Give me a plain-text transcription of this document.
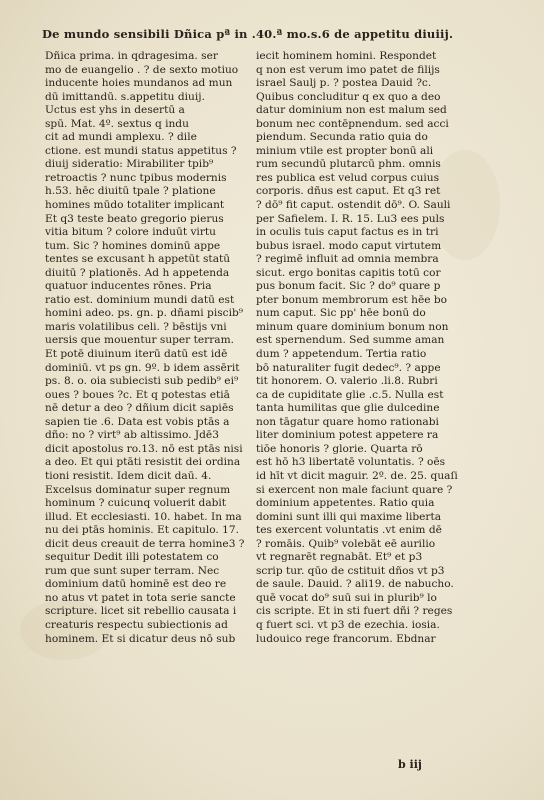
De mundo sensibili Dñica pª in .40.ª mo.s.6 de appetitu diuiij.
Dñica prima. in qdragesima. ser
mo de euangelio . ? de sexto motiuo
inducente hoies mundanos ad mun
dū imittandū. s.appetitu diuij.
Uctus est yhs in desertū a
spū. Mat. 4º. sextus q indu
cit ad mundi amplexu. ? dile
ctione. est mundi status appetitus ?
diuij sideratio: Mirabiliter tpib⁹
retroactis ? nunc tpibus modernis
h.53. hēc diuitū tpale ? platione
homines mūdo totaliter implicant
Et q3 teste beato gregorio pierus
vitia bitum ? colore induūt virtu
tum. Sic ? homines dominū appe
tentes se excusant h appetūt statū
diuitū ? plationēs. Ad h appetenda
quatuor inducentes rōnes. Pria
ratio est. dominium mundi datū est
homini adeo. ps. gn. p. dñami piscib⁹
maris volatilibus celi. ? bēstijs vni
uersis que mouentur super terram.
Et potē diuinum iterū datū est idē
dominiū. vt ps gn. 9º. b idem assērit
ps. 8. o. oia subiecisti sub pedib⁹ ei⁹
oues ? boues ?c. Et q potestas etiā
nē detur a deo ? dñium dicit sapiēs
sapien tie .6. Data est vobis ptās a
dño: no ? virt⁹ ab altissimo. Jdē3
dicit apostolus ro.13. nō est ptās nisi
a deo. Et qui ptāti resistit dei ordina
tioni resistit. Idem dicit daū. 4.
Excelsus dominatur super regnum
hominum ? cuicunq voluerit dabit
illud. Et ecclesiasti. 10. habet. In ma
nu dei ptās hominis. Et capitulo. 17.
dicit deus creauit de terra homine3 ?
sequitur Dedit illi potestatem co
rum que sunt super terram. Nec
dominium datū hominē est deo re
no atus vt patet in tota serie sancte
scripture. licet sit rebellio causata i
creaturis respectu subiectionis ad
hominem. Et si dicatur deus nō sub
iecit hominem homini. Respondet
q non est verum imo patet de filijs
israel Saulj p. ? postea Dauid ?c.
Quibus concluditur q ex quo a deo
datur dominium non est malum sed
bonum nec contēpnendum. sed acci
piendum. Secunda ratio quia do
minium vtile est propter bonū ali
rum secundū plutarcū phm. omnis
res publica est velud corpus cuius
corporis. dñus est caput. Et q3 ret
? dō⁹ fit caput. ostendit dō⁹. O. Sauli
per Safielem. I. R. 15. Lu3 ees puls
in oculis tuis caput factus es in tri
bubus israel. modo caput virtutem
? regimē influit ad omnia membra
sicut. ergo bonitas capitis totū cor
pus bonum facit. Sic ? do⁹ quare p
pter bonum membrorum est hēe bo
num caput. Sic pp' hēe bonū do
minum quare dominium bonum non
est spernendum. Sed summe aman
dum ? appetendum. Tertia ratio
bō naturaliter fugit dedec⁹. ? appe
tit honorem. O. valerio .li.8. Rubri
ca de cupiditate glie .c.5. Nulla est
tanta humilitas que glie dulcedine
non tāgatur quare homo rationabi
liter dominium potest appetere ra
tiōe honoris ? glorie. Quarta rō
est hō h3 libertatē voluntatis. ? oēs
id hīt vt dicit maguir. 2º. de. 25. quaſi
si exercent non male faciunt quare ?
dominium appetentes. Ratio quia
domini sunt illi qui maxime liberta
tes exercent voluntatis .vt enim dē
? romāis. Quib⁹ volebāt eē aurilio
vt regnarēt regnabāt. Et⁹ et p3
scrip tur. qūo de cstituit dños vt p3
de saule. Dauid. ? ali19. de nabucho.
quē vocat do⁹ suū sui in plurib⁹ lo
cis scripte. Et in sti fuert dñi ? reges
q fuert sci. vt p3 de ezechia. iosia.
ludouico rege francorum. Ebdnar
b iij
